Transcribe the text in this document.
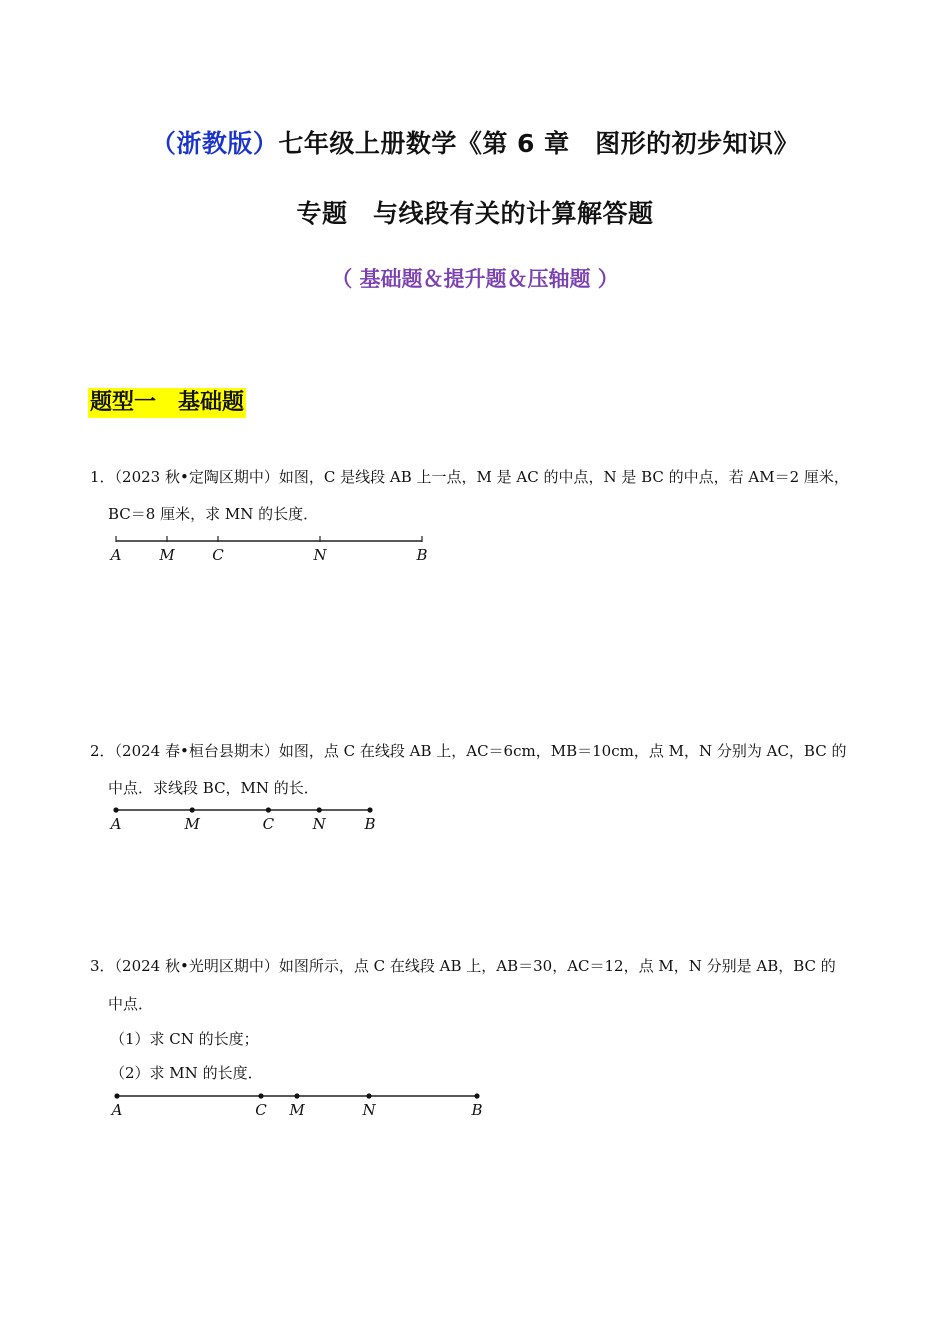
（浙教版）七年级上册数学《第 6 章　图形的初步知识》
专题　与线段有关的计算解答题
（ 基础题＆提升题＆压轴题 ）
题型一　基础题
1．（2023 秋•定陶区期中）如图，C 是线段 AB 上一点，M 是 AC 的中点，N 是 BC 的中点，若 AM＝2 厘米，
BC＝8 厘米，求 MN 的长度．
A	M	C	N	B
2．（2024 春•桓台县期末）如图，点 C 在线段 AB 上，AC＝6cm，MB＝10cm，点 M，N 分别为 AC，BC 的
中点．求线段 BC，MN 的长．
A	M	C	N	B
3．（2024 秋•光明区期中）如图所示，点 C 在线段 AB 上，AB＝30，AC＝12，点 M，N 分别是 AB，BC 的
中点．
（1）求 CN 的长度；
（2）求 MN 的长度．
A	C M	N	B
